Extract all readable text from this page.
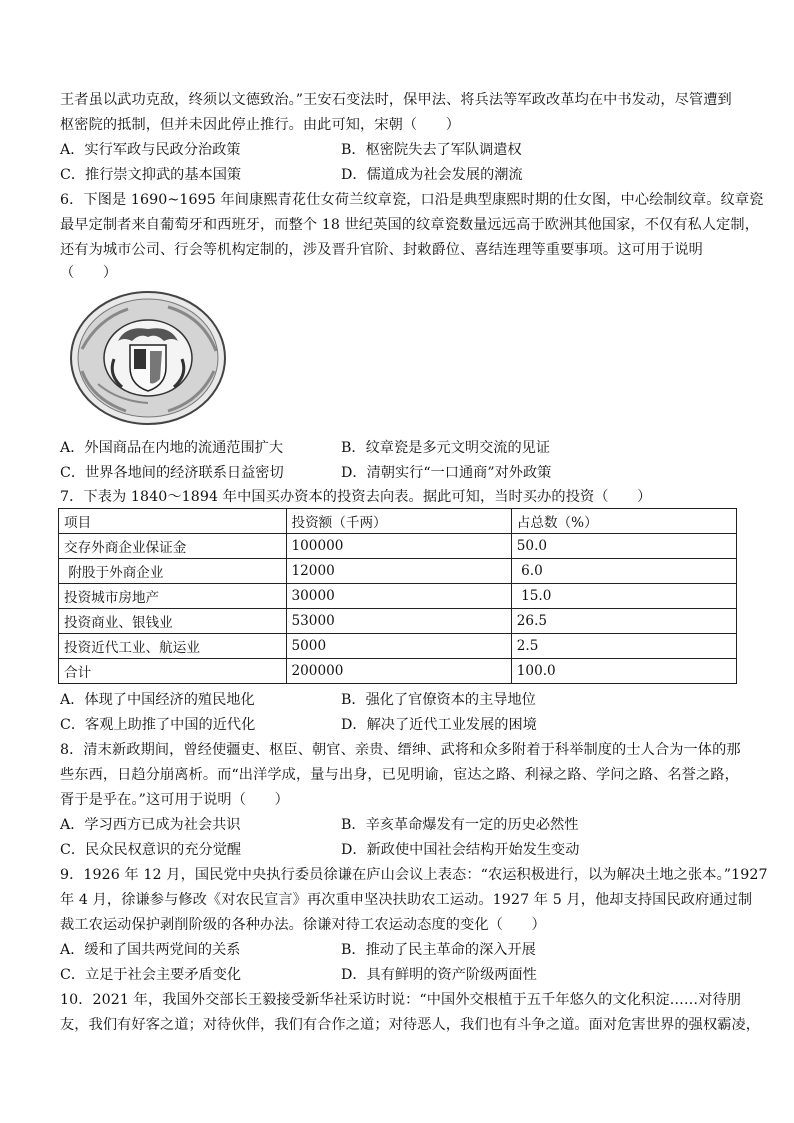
王者虽以武功克敌，终须以文德致治。”王安石变法时，保甲法、将兵法等军政改革均在中书发动，尽管遭到
枢密院的抵制，但并未因此停止推行。由此可知，宋朝（　　）
A．实行军政与民政分治政策	B．枢密院失去了军队调遣权
C．推行崇文抑武的基本国策	D．儒道成为社会发展的潮流
6．下图是 1690~1695 年间康熙青花仕女荷兰纹章瓷，口沿是典型康熙时期的仕女图，中心绘制纹章。纹章瓷
最早定制者来自葡萄牙和西班牙，而整个 18 世纪英国的纹章瓷数量远远高于欧洲其他国家，不仅有私人定制，
还有为城市公司、行会等机构定制的，涉及晋升官阶、封敕爵位、喜结连理等重要事项。这可用于说明
（　　）
A．外国商品在内地的流通范围扩大	B．纹章瓷是多元文明交流的见证
C．世界各地间的经济联系日益密切	D．清朝实行“一口通商”对外政策
7．下表为 1840～1894 年中国买办资本的投资去向表。据此可知，当时买办的投资（　　）
项目	投资额（千两）	占总数（%）
交存外商企业保证金	100000	50.0
附股于外商企业	12000	6.0
投资城市房地产	30000	15.0
投资商业、银钱业	53000	26.5
投资近代工业、航运业	5000	2.5
合计	200000	100.0
A．体现了中国经济的殖民地化	B．强化了官僚资本的主导地位
C．客观上助推了中国的近代化	D．解决了近代工业发展的困境
8．清末新政期间，曾经使疆吏、枢臣、朝官、亲贵、缙绅、武将和众多附着于科举制度的士人合为一体的那
些东西，日趋分崩离析。而“出洋学成，量与出身，已见明谕，宦达之路、利禄之路、学问之路、名誉之路，
胥于是乎在。”这可用于说明（　　）
A．学习西方已成为社会共识	B．辛亥革命爆发有一定的历史必然性
C．民众民权意识的充分觉醒	D．新政使中国社会结构开始发生变动
9．1926 年 12 月，国民党中央执行委员徐谦在庐山会议上表态：“农运积极进行，以为解决土地之张本。”1927
年 4 月，徐谦参与修改《对农民宣言》再次重申坚决扶助农工运动。1927 年 5 月，他却支持国民政府通过制
裁工农运动保护剥削阶级的各种办法。徐谦对待工农运动态度的变化（　　）
A．缓和了国共两党间的关系	B．推动了民主革命的深入开展
C．立足于社会主要矛盾变化	D．具有鲜明的资产阶级两面性
10．2021 年，我国外交部长王毅接受新华社采访时说：“中国外交根植于五千年悠久的文化积淀……对待朋
友，我们有好客之道；对待伙伴，我们有合作之道；对待恶人，我们也有斗争之道。面对危害世界的强权霸凌，
